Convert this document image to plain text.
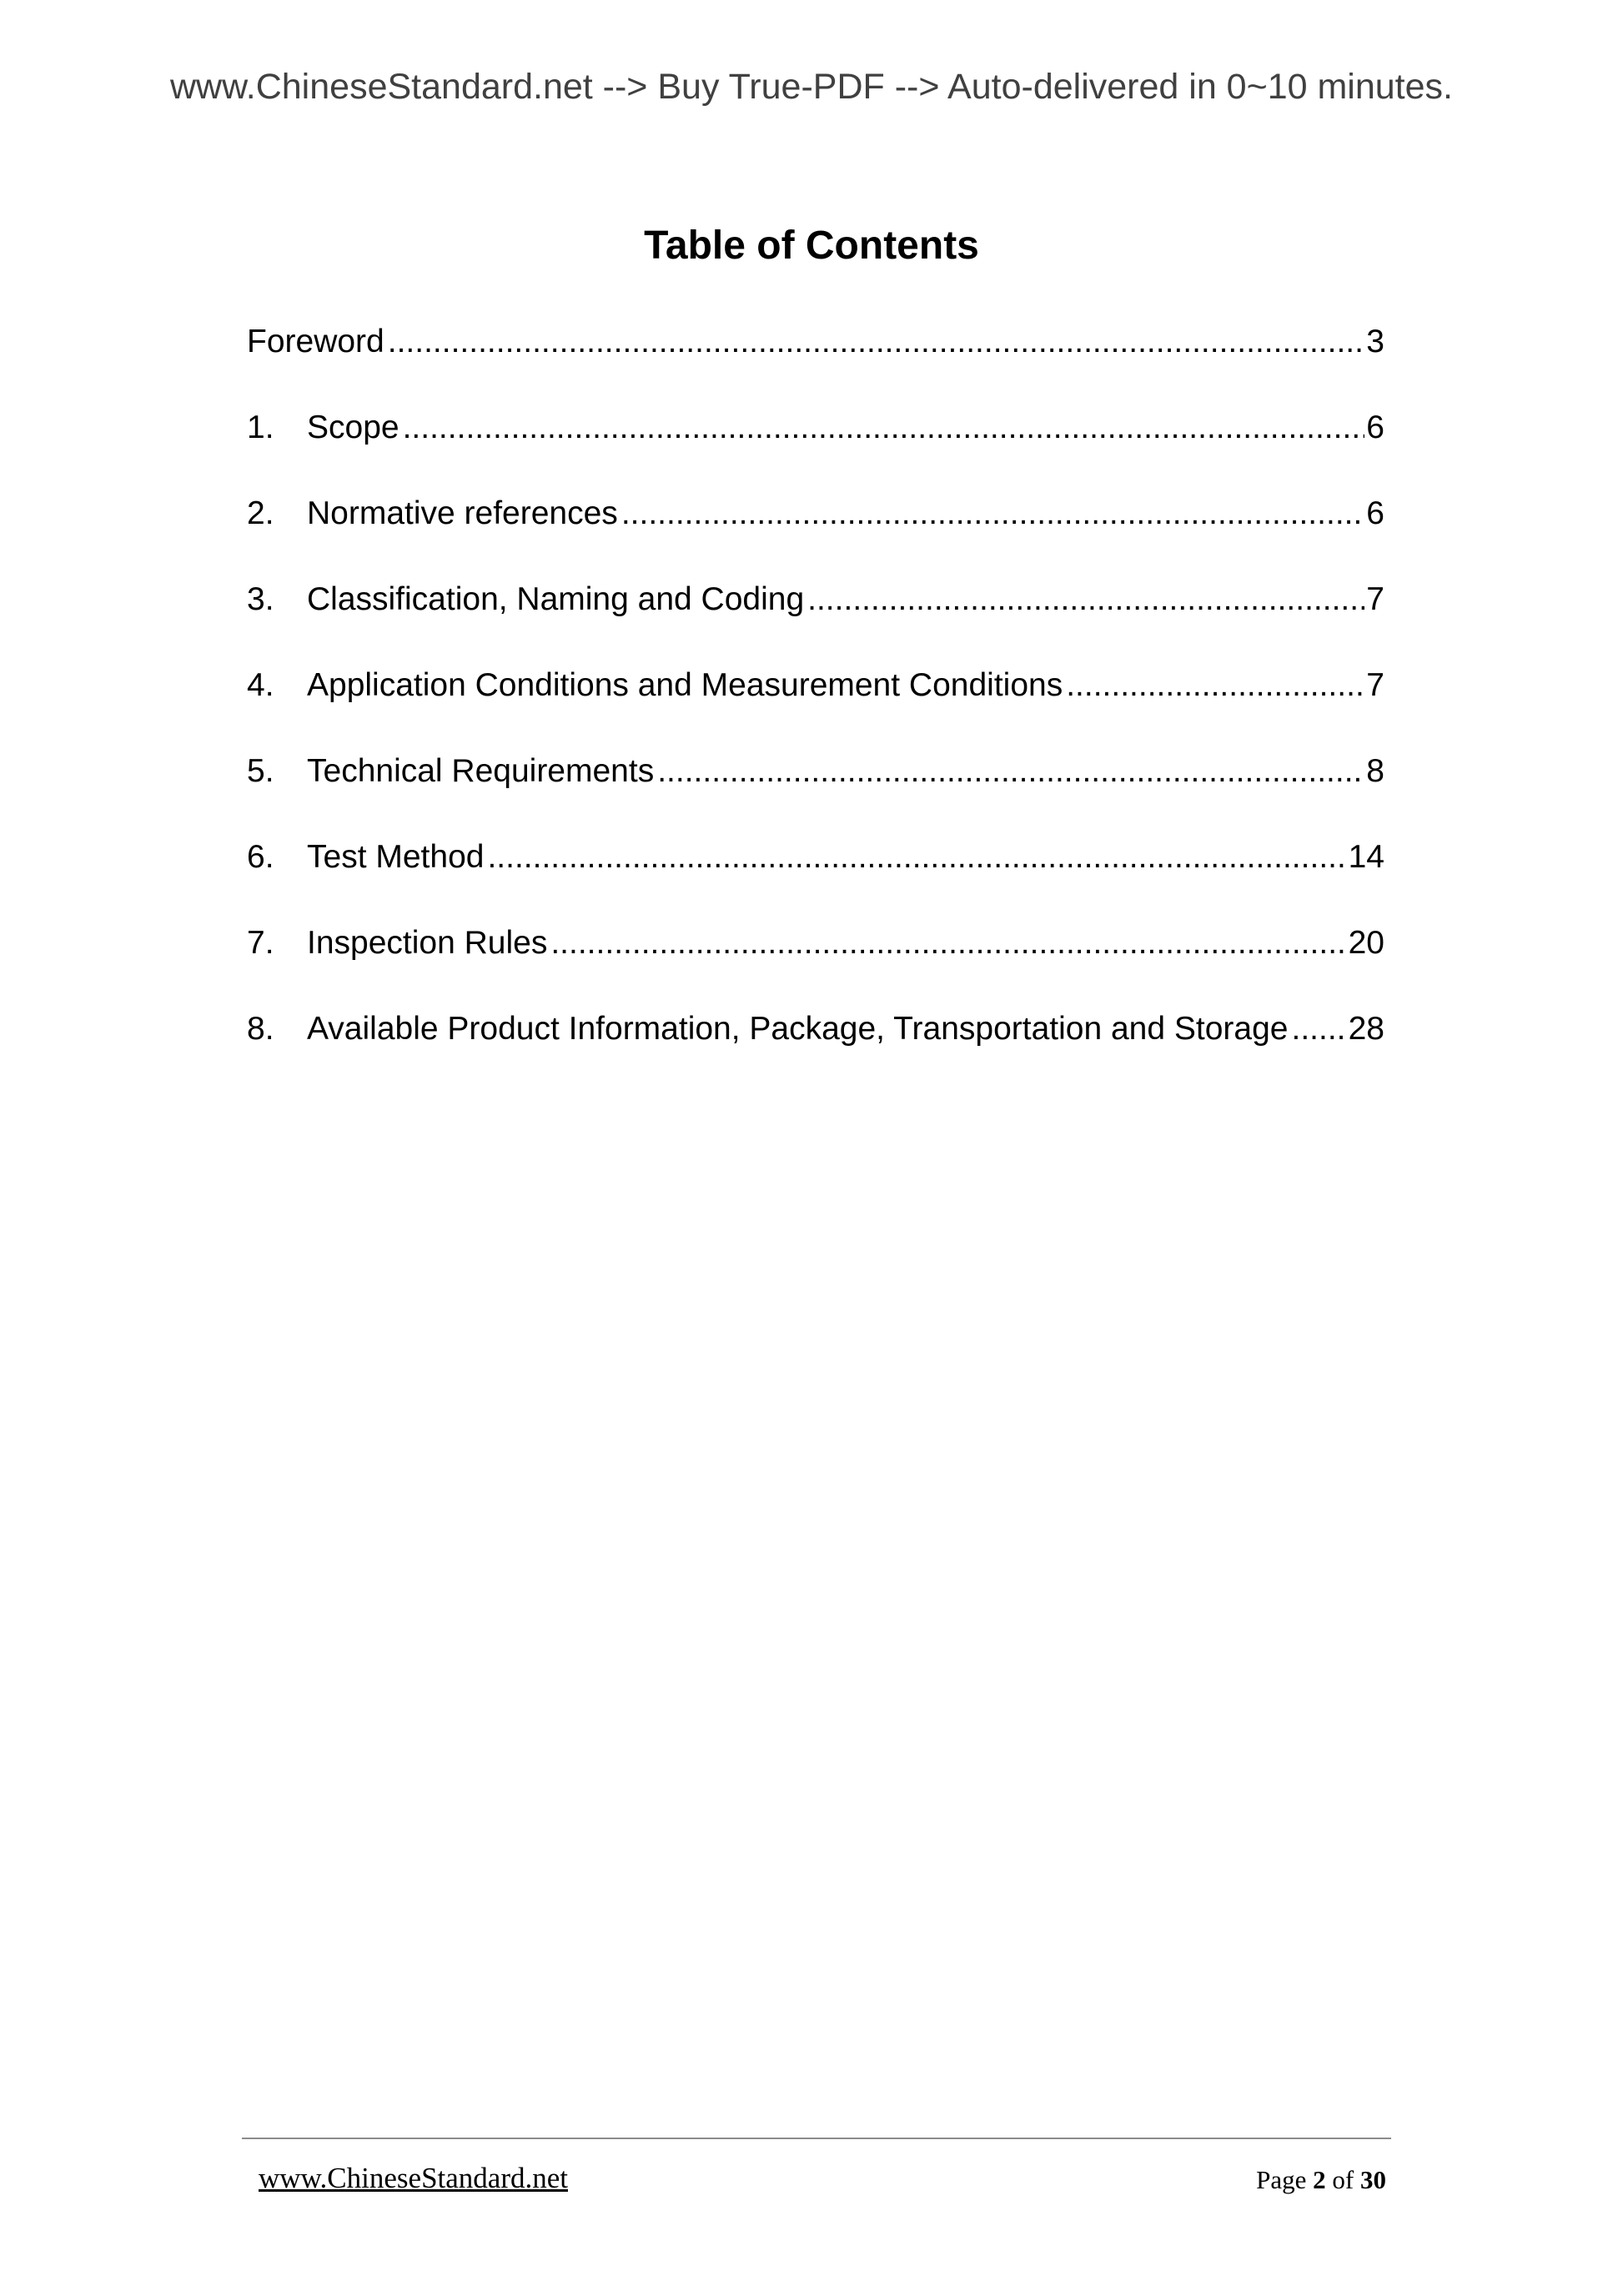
www.ChineseStandard.net --> Buy True-PDF --> Auto-delivered in 0~10 minutes.
Table of Contents
Foreword .....	3
1.	Scope .....	6
2.	Normative references .....	6
3.	Classification, Naming and Coding .....	7
4.	Application Conditions and Measurement Conditions .....	7
5.	Technical Requirements .....	8
6.	Test Method .....	14
7.	Inspection Rules .....	20
8.	Available Product Information, Package, Transportation and Storage ..... 28
www.ChineseStandard.net	Page 2 of 30
